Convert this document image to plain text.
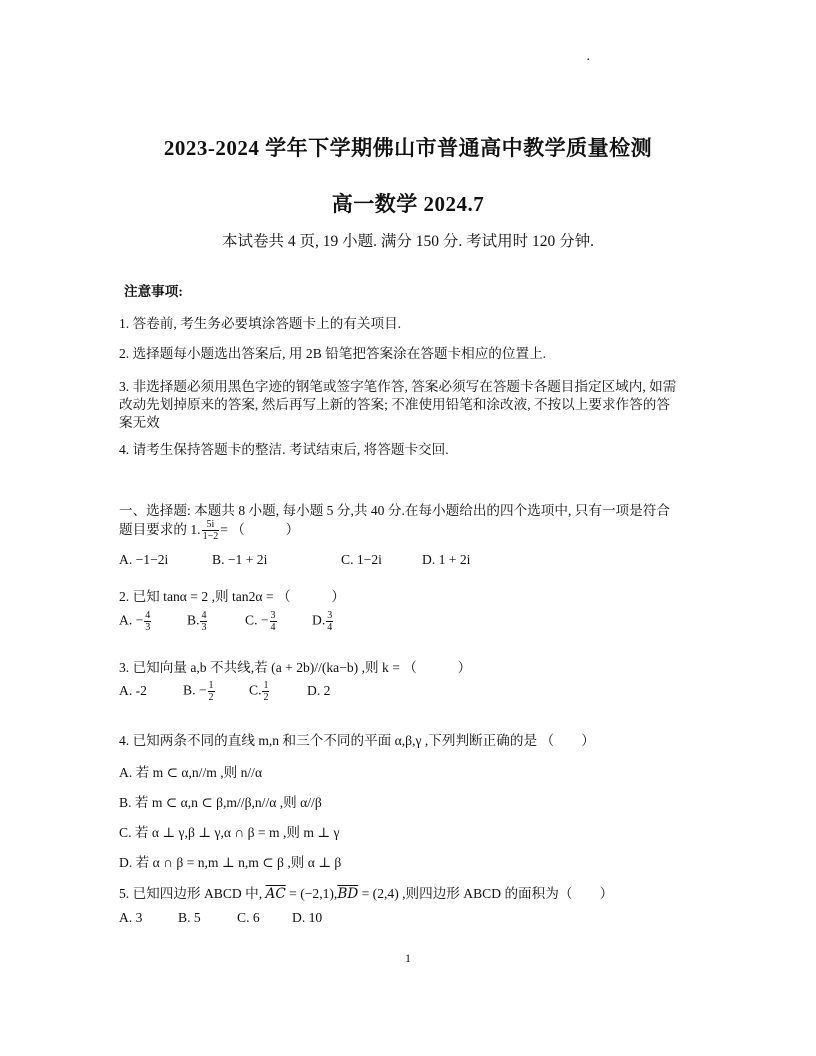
·
2023-2024 学年下学期佛山市普通高中教学质量检测
高一数学 2024.7
本试卷共 4 页, 19 小题. 满分 150 分. 考试用时 120 分钟.
注意事项:
1. 答卷前, 考生务必要填涂答题卡上的有关项目.
2. 选择题每小题选出答案后, 用 2B 铅笔把答案涂在答题卡相应的位置上.
3. 非选择题必须用黑色字迹的钢笔或签字笔作答, 答案必须写在答题卡各题目指定区域内, 如需
改动先划掉原来的答案, 然后再写上新的答案; 不准使用铅笔和涂改液, 不按以上要求作答的答
案无效
4. 请考生保持答题卡的整洁. 考试结束后, 将答题卡交回.
一、选择题: 本题共 8 小题, 每小题 5 分,共 40 分.在每小题给出的四个选项中, 只有一项是符合
题目要求的 1. $\frac{5i}{1-2}$ = （　　　）
A. −1−2i	B. −1 + 2i	C. 1−2i	D. 1 + 2i
2. 已知 tanα = 2 ,则 tan2α = （　　　）
A. − $\frac{4}{3}$	B. $\frac{4}{3}$	C. − $\frac{3}{4}$	D. $\frac{3}{4}$
3. 已知向量 a,b 不共线,若 (a + 2b)//(ka−b) ,则 k = （　　　）
A. -2	B. − $\frac{1}{2}$	C. $\frac{1}{2}$	D. 2
4. 已知两条不同的直线 m,n 和三个不同的平面 α,β,γ ,下列判断正确的是 （　　）
A. 若 m ⊂ α,n//m ,则 n//α
B. 若 m ⊂ α,n ⊂ β,m//β,n//α ,则 α//β
C. 若 α ⊥ γ,β ⊥ γ,α ∩ β = m ,则 m ⊥ γ
D. 若 α ∩ β = n,m ⊥ n,m ⊂ β ,则 α ⊥ β
5. 已知四边形 ABCD 中, $\overline{AC} = (-2,1),\overline{BD} = (2,4)$ ,则四边形 ABCD 的面积为（　　）
A. 3	B. 5	C. 6 D. 10
1
